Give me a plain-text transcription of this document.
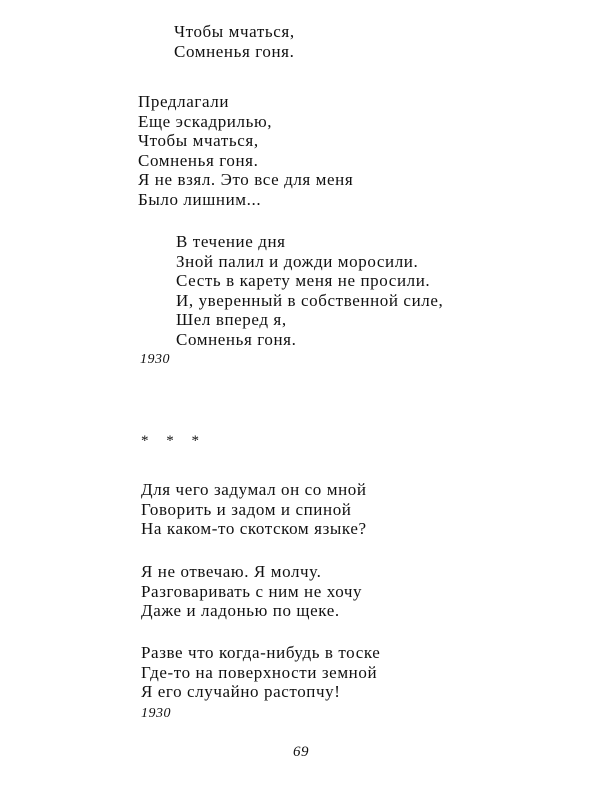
Чтобы мчаться,
Сомненья гоня.
Предлагали
Еще эскадрилью,
Чтобы мчаться,
Сомненья гоня.
Я не взял. Это все для меня
Было лишним...
В течение дня
Зной палил и дожди моросили.
Сесть в карету меня не просили.
И, уверенный в собственной силе,
Шел вперед я,
Сомненья гоня.
1930
* * *
Для чего задумал он со мной
Говорить и задом и спиной
На каком-то скотском языке?
Я не отвечаю. Я молчу.
Разговаривать с ним не хочу
Даже и ладонью по щеке.
Разве что когда-нибудь в тоске
Где-то на поверхности земной
Я его случайно растопчу!
1930
69
